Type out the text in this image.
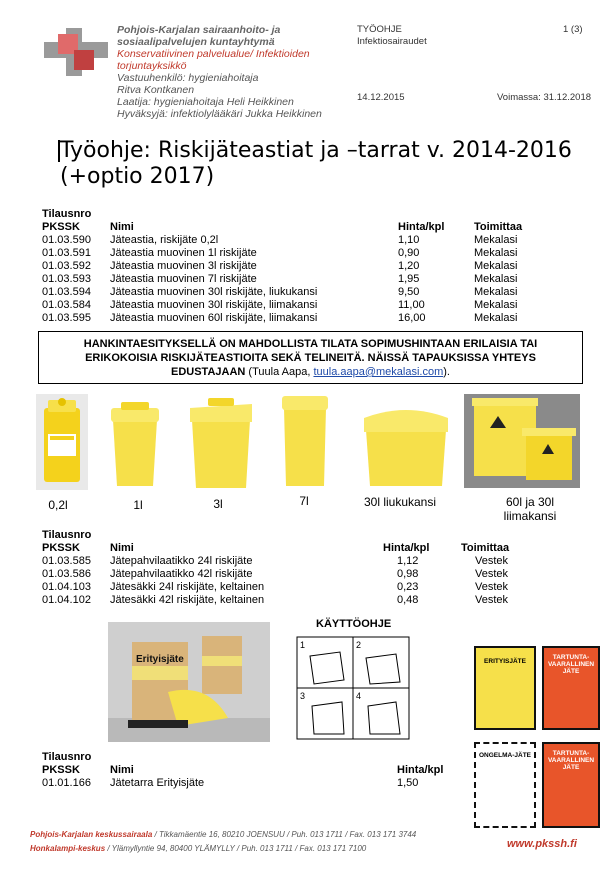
Pohjois-Karjalan sairaanhoito- ja
sosiaalipalvelujen kuntayhtymä
Konservatiivinen palvelualue/ Infektioiden
torjuntayksikkö
Vastuuhenkilö: hygieniahoitaja
Ritva Kontkanen
Laatija: hygieniahoitaja Heli Heikkinen
Hyväksyjä: infektiolylääkäri Jukka Heikkinen
TYÖOHJE
Infektiosairaudet
1 (3)
14.12.2015	Voimassa: 31.12.2018
Työohje: Riskijäteastiat ja –tarrat v. 2014-2016 (+optio 2017)
Tilausnro			
PKSSK	Nimi	Hinta/kpl	Toimittaa
01.03.590	Jäteastia, riskijäte 0,2l	1,10	Mekalasi
01.03.591	Jäteastia muovinen 1l riskijäte	0,90	Mekalasi
01.03.592	Jäteastia muovinen 3l riskijäte	1,20	Mekalasi
01.03.593	Jäteastia muovinen 7l riskijäte	1,95	Mekalasi
01.03.594	Jäteastia muovinen 30l riskijäte, liukukansi	9,50	Mekalasi
01.03.584	Jäteastia muovinen 30l riskijäte, liimakansi	11,00	Mekalasi
01.03.595	Jäteastia muovinen 60l riskijäte, liimakansi	16,00	Mekalasi
HANKINTAESITYKSELLÄ ON MAHDOLLISTA TILATA SOPIMUSHINTAAN ERILAISIA TAI
ERIKOKOISIA RISKIJÄTEASTIOITA SEKÄ TELINEITÄ. NÄISSÄ TAPAUKSISSA YHTEYS
EDUSTAJAAN (Tuula Aapa, tuula.aapa@mekalasi.com).
0,2l	1l	3l	7l	30l liukukansi	60l ja 30l liimakansi
Tilausnro			
PKSSK	Nimi	Hinta/kpl	Toimittaa
01.03.585	Jätepahvilaatikko 24l riskijäte	1,12	Vestek
01.03.586	Jätepahvilaatikko 42l riskijäte	0,98	Vestek
01.04.103	Jätesäkki 24l riskijäte, keltainen	0,23	Vestek
01.04.102	Jätesäkki 42l riskijäte, keltainen	0,48	Vestek
Erityisjäte
KÄYTTÖOHJE
1	2
3	4
ERITYISJÄTE
TARTUNTA-VAARALLINEN JÄTE
ONGELMA-JÄTE	TARTUNTA-VAARALLINEN JÄTE
Tilausnro		
PKSSK	Nimi	Hinta/kpl
01.01.166	Jätetarra Erityisjäte	1,50
Pohjois-Karjalan keskussairaala / Tikkamäentie 16, 80210 JOENSUU / Puh. 013 1711 / Fax. 013 171 3744
Honkalampi-keskus / Ylämyllyntie 94, 80400 YLÄMYLLY / Puh. 013 1711 / Fax. 013 171 7100	www.pkssh.fi
